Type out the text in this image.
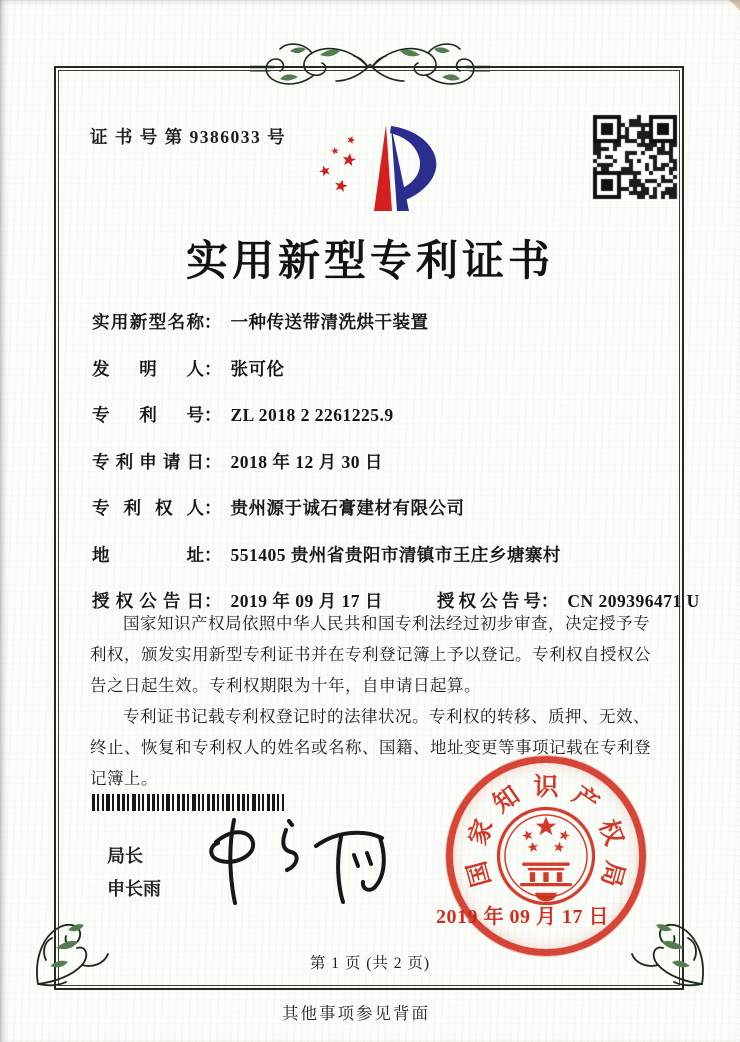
证 书 号 第 9386033 号
实用新型专利证书
实用新型名称： 一种传送带清洗烘干装置
发明人： 张可伦
专利号： ZL 2018 2 2261225.9
专利申请日： 2018 年 12 月 30 日
专利权人： 贵州源于诚石膏建材有限公司
地址： 551405 贵州省贵阳市清镇市王庄乡塘寨村
授权公告日： 2019 年 09 月 17 日	授权公告号： CN 209396471 U

国家知识产权局依照中华人民共和国专利法经过初步审查，决定授予专利权，颁发实用新型专利证书并在专利登记簿上予以登记。专利权自授权公告之日起生效。专利权期限为十年，自申请日起算。

专利证书记载专利权登记时的法律状况。专利权的转移、质押、无效、终止、恢复和专利权人的姓名或名称、国籍、地址变更等事项记载在专利登记簿上。

局长
申长雨	国
家
知 识 产
权
局
2019 年 09 月 17 日
第 1 页 (共 2 页)
其他事项参见背面
